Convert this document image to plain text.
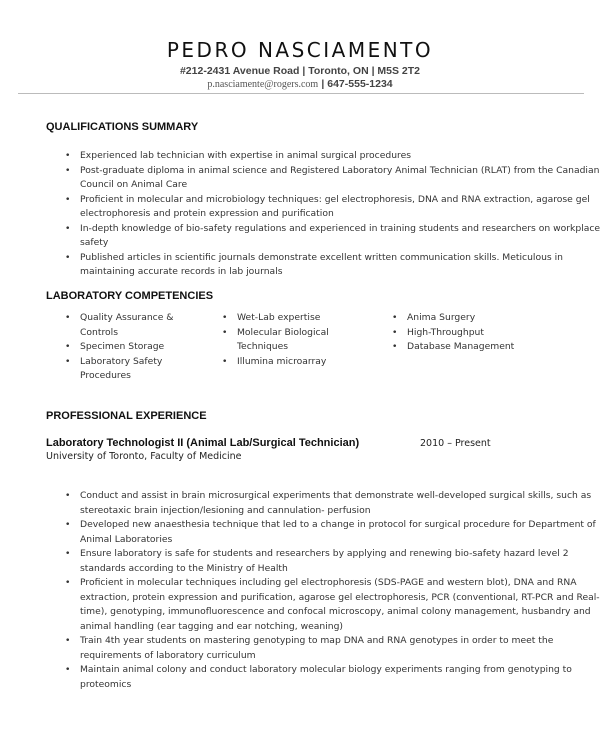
PEDRO NASCIAMENTO
#212-2431 Avenue Road | Toronto, ON | M5S 2T2
p.nasciamente@rogers.com | 647-555-1234
QUALIFICATIONS SUMMARY
• Experienced lab technician with expertise in animal surgical procedures
• Post-graduate diploma in animal science and Registered Laboratory Animal Technician (RLAT) from the Canadian
Council on Animal Care
• Proficient in molecular and microbiology techniques: gel electrophoresis, DNA and RNA extraction, agarose gel
electrophoresis and protein expression and purification
• In-depth knowledge of bio-safety regulations and experienced in training students and researchers on workplace
safety
• Published articles in scientific journals demonstrate excellent written communication skills. Meticulous in
maintaining accurate records in lab journals
LABORATORY COMPETENCIES
• Quality Assurance &
Controls
• Specimen Storage
• Laboratory Safety
Procedures
• Wet-Lab expertise
• Molecular Biological
Techniques
• Illumina microarray
• Anima Surgery
• High-Throughput
• Database Management
PROFESSIONAL EXPERIENCE
Laboratory Technologist II (Animal Lab/Surgical Technician)	2010 – Present
University of Toronto, Faculty of Medicine
• Conduct and assist in brain microsurgical experiments that demonstrate well-developed surgical skills, such as
stereotaxic brain injection/lesioning and cannulation- perfusion
• Developed new anaesthesia technique that led to a change in protocol for surgical procedure for Department of
Animal Laboratories
• Ensure laboratory is safe for students and researchers by applying and renewing bio-safety hazard level 2
standards according to the Ministry of Health
• Proficient in molecular techniques including gel electrophoresis (SDS-PAGE and western blot), DNA and RNA
extraction, protein expression and purification, agarose gel electrophoresis, PCR (conventional, RT-PCR and Real-
time), genotyping, immunofluorescence and confocal microscopy, animal colony management, husbandry and
animal handling (ear tagging and ear notching, weaning)
• Train 4th year students on mastering genotyping to map DNA and RNA genotypes in order to meet the
requirements of laboratory curriculum
• Maintain animal colony and conduct laboratory molecular biology experiments ranging from genotyping to
proteomics
